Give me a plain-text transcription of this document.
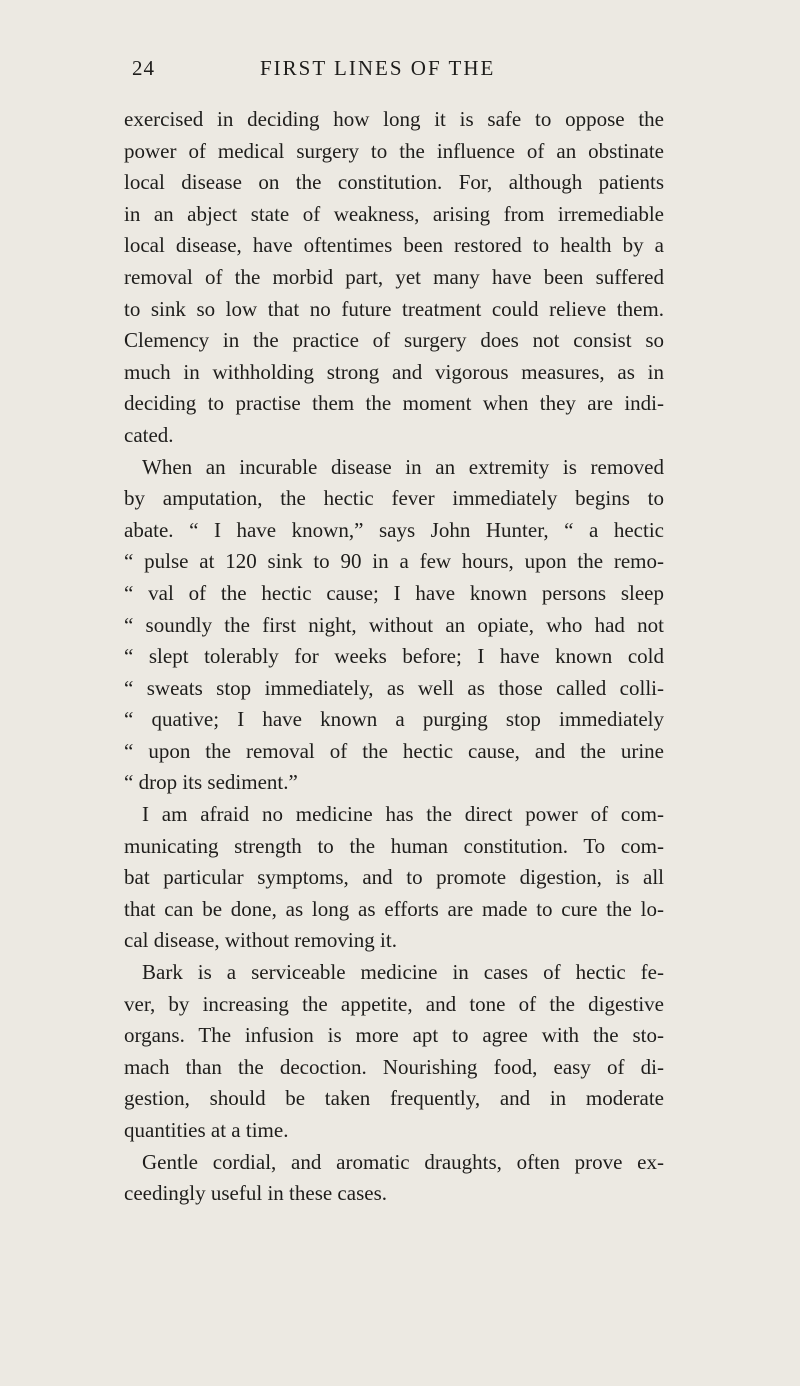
24	FIRST LINES OF THE
exercised in deciding how long it is safe to oppose the
power of medical surgery to the influence of an obstinate
local disease on the constitution. For, although patients
in an abject state of weakness, arising from irremediable
local disease, have oftentimes been restored to health by a
removal of the morbid part, yet many have been suffered
to sink so low that no future treatment could relieve them.
Clemency in the practice of surgery does not consist so
much in withholding strong and vigorous measures, as in
deciding to practise them the moment when they are indi-
cated.
When an incurable disease in an extremity is removed
by amputation, the hectic fever immediately begins to
abate. “ I have known,” says John Hunter, “ a hectic
“ pulse at 120 sink to 90 in a few hours, upon the remo-
“ val of the hectic cause; I have known persons sleep
“ soundly the first night, without an opiate, who had not
“ slept tolerably for weeks before; I have known cold
“ sweats stop immediately, as well as those called colli-
“ quative; I have known a purging stop immediately
“ upon the removal of the hectic cause, and the urine
“ drop its sediment.”
I am afraid no medicine has the direct power of com-
municating strength to the human constitution. To com-
bat particular symptoms, and to promote digestion, is all
that can be done, as long as efforts are made to cure the lo-
cal disease, without removing it.
Bark is a serviceable medicine in cases of hectic fe-
ver, by increasing the appetite, and tone of the digestive
organs. The infusion is more apt to agree with the sto-
mach than the decoction. Nourishing food, easy of di-
gestion, should be taken frequently, and in moderate
quantities at a time.
Gentle cordial, and aromatic draughts, often prove ex-
ceedingly useful in these cases.
